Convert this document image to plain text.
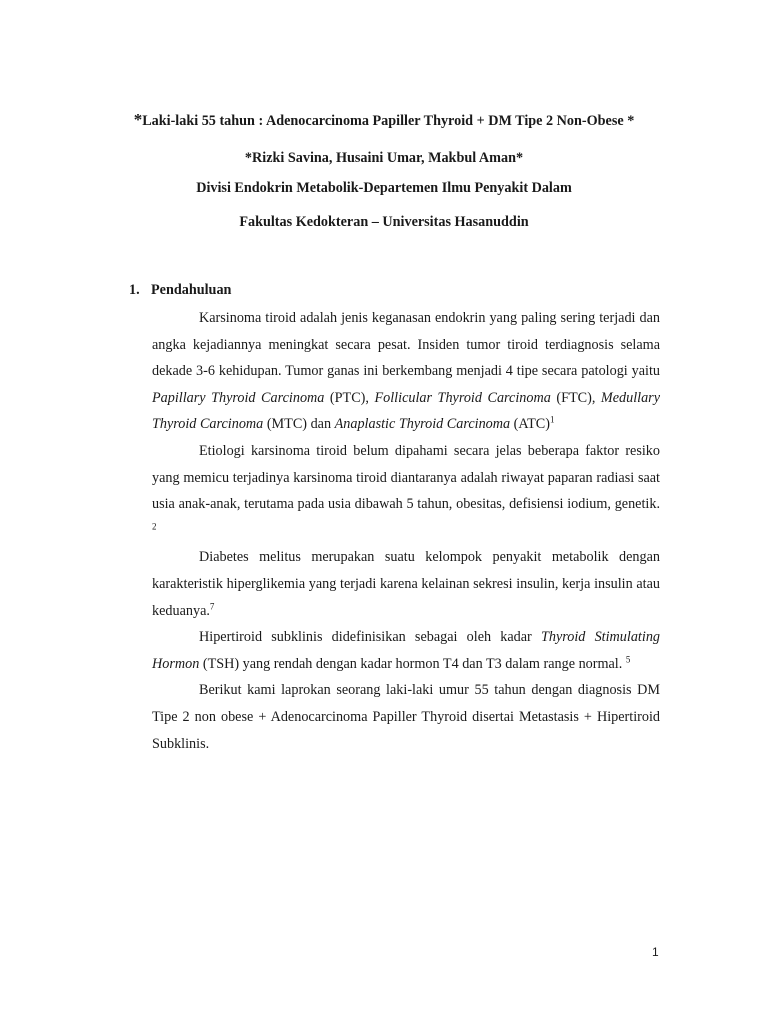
*Laki-laki 55 tahun : Adenocarcinoma Papiller Thyroid + DM Tipe 2 Non-Obese *
*Rizki Savina, Husaini Umar, Makbul Aman*
Divisi Endokrin Metabolik-Departemen Ilmu Penyakit Dalam
Fakultas Kedokteran – Universitas Hasanuddin
1. Pendahuluan

Karsinoma tiroid adalah jenis keganasan endokrin yang paling sering terjadi dan angka kejadiannya meningkat secara pesat. Insiden tumor tiroid terdiagnosis selama dekade 3-6 kehidupan. Tumor ganas ini berkembang menjadi 4 tipe secara patologi yaitu Papillary Thyroid Carcinoma (PTC), Follicular Thyroid Carcinoma (FTC), Medullary Thyroid Carcinoma (MTC) dan Anaplastic Thyroid Carcinoma (ATC)$^1$

Etiologi karsinoma tiroid belum dipahami secara jelas beberapa faktor resiko yang memicu terjadinya karsinoma tiroid diantaranya adalah riwayat paparan radiasi saat usia anak-anak, terutama pada usia dibawah 5 tahun, obesitas, defisiensi iodium, genetik. $^2$

Diabetes melitus merupakan suatu kelompok penyakit metabolik dengan karakteristik hiperglikemia yang terjadi karena kelainan sekresi insulin, kerja insulin atau keduanya.$^7$

Hipertiroid subklinis didefinisikan sebagai oleh kadar Thyroid Stimulating Hormon (TSH) yang rendah dengan kadar hormon T4 dan T3 dalam range normal. $^5$

Berikut kami laprokan seorang laki-laki umur 55 tahun dengan diagnosis DM Tipe 2 non obese + Adenocarcinoma Papiller Thyroid disertai Metastasis + Hipertiroid Subklinis.

1
